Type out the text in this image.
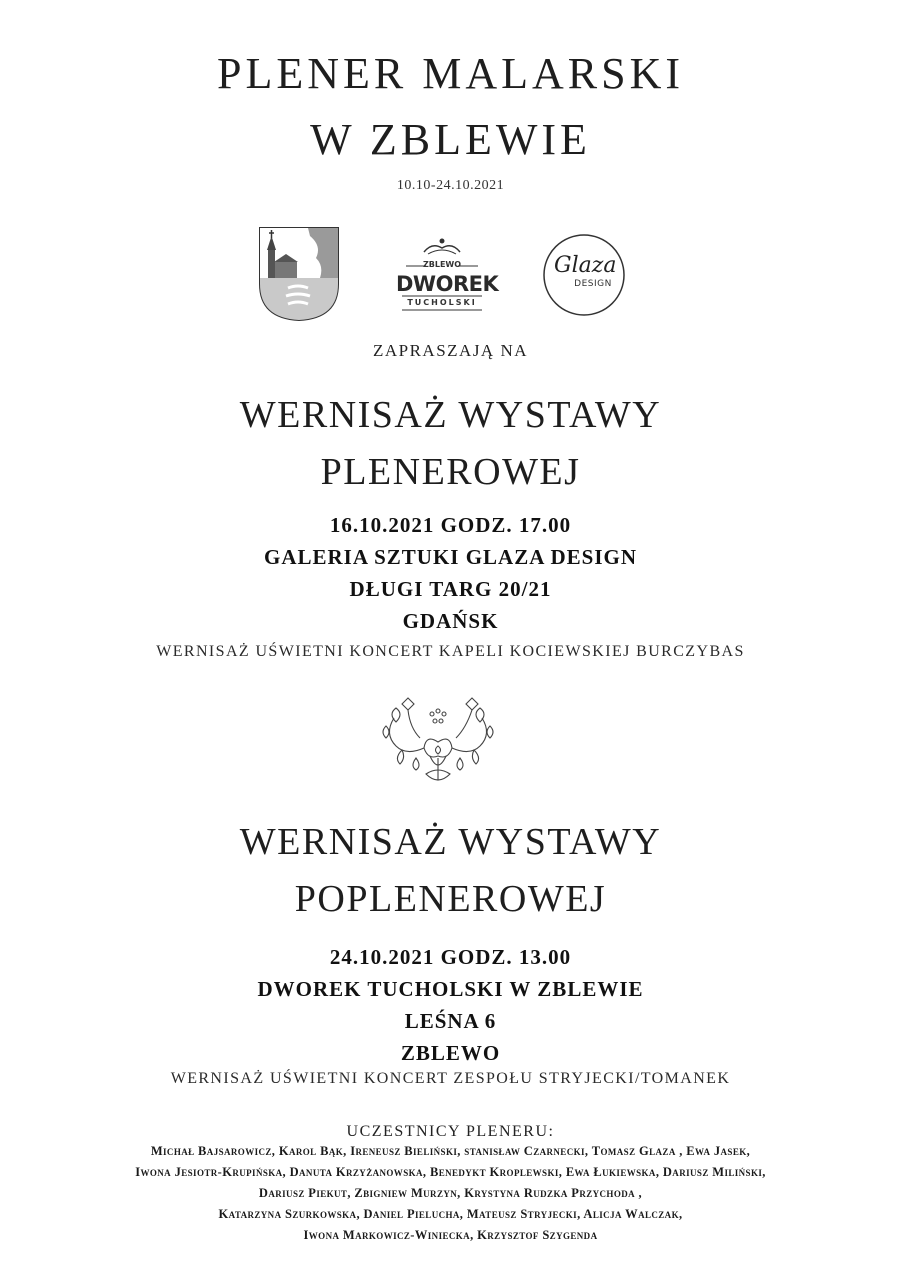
PLENER MALARSKI
W ZBLEWIE
10.10-24.10.2021
ZBLEWO
DWOREK
TUCHOLSKI
Glaza
DESIGN
ZAPRASZAJĄ NA
WERNISAŻ WYSTAWY
PLENEROWEJ
16.10.2021 GODZ. 17.00
GALERIA SZTUKI GLAZA DESIGN
DŁUGI TARG 20/21
GDAŃSK
WERNISAŻ UŚWIETNI KONCERT KAPELI KOCIEWSKIEJ BURCZYBAS
WERNISAŻ WYSTAWY
POPLENEROWEJ
24.10.2021 GODZ. 13.00
DWOREK TUCHOLSKI W ZBLEWIE
LEŚNA 6
ZBLEWO
WERNISAŻ UŚWIETNI KONCERT ZESPOŁU STRYJECKI/TOMANEK
UCZESTNICY PLENERU:
Michał Bajsarowicz, Karol Bąk, Ireneusz Bieliński, stanisław Czarnecki, Tomasz Glaza , Ewa Jasek,
Iwona Jesiotr-Krupińska, Danuta Krzyżanowska, Benedykt Kroplewski, Ewa Łukiewska, Dariusz Miliński,
Dariusz Piekut, Zbigniew Murzyn, Krystyna Rudzka Przychoda ,
Katarzyna Szurkowska, Daniel Pielucha, Mateusz Stryjecki, Alicja Walczak,
Iwona Markowicz-Winiecka, Krzysztof Szygenda
